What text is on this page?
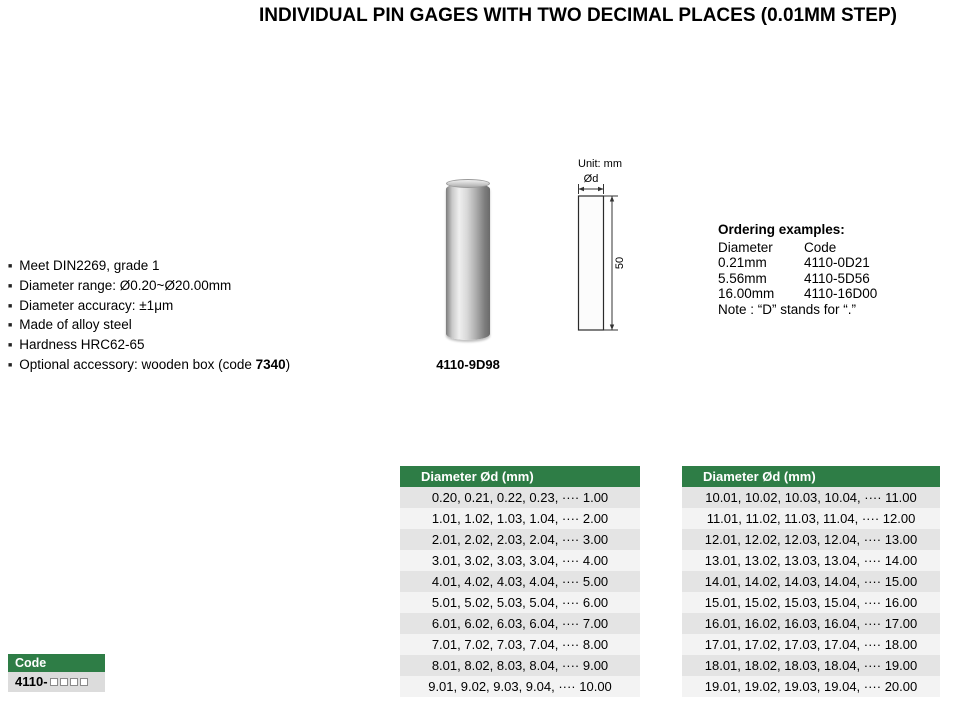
INDIVIDUAL PIN GAGES WITH TWO DECIMAL PLACES (0.01MM STEP)
■ Meet DIN2269, grade 1
■ Diameter range: Ø0.20~Ø20.00mm
■ Diameter accuracy: ±1μm
■ Made of alloy steel
■ Hardness HRC62-65
■ Optional accessory: wooden box (code 7340)	4110-9D98
Unit: mm
Ød
50
Ordering examples:
Diameter	Code
0.21mm	4110-0D21
5.56mm	4110-5D56
16.00mm	4110-16D00
Note : “D” stands for “.”
Diameter Ød (mm)
0.20, 0.21, 0.22, 0.23, ···· 1.00
1.01, 1.02, 1.03, 1.04, ···· 2.00
2.01, 2.02, 2.03, 2.04, ···· 3.00
3.01, 3.02, 3.03, 3.04, ···· 4.00
4.01, 4.02, 4.03, 4.04, ···· 5.00
5.01, 5.02, 5.03, 5.04, ···· 6.00
6.01, 6.02, 6.03, 6.04, ···· 7.00
7.01, 7.02, 7.03, 7.04, ···· 8.00
8.01, 8.02, 8.03, 8.04, ···· 9.00
9.01, 9.02, 9.03, 9.04, ···· 10.00
Diameter Ød (mm)
10.01, 10.02, 10.03, 10.04, ···· 11.00
11.01, 11.02, 11.03, 11.04, ···· 12.00
12.01, 12.02, 12.03, 12.04, ···· 13.00
13.01, 13.02, 13.03, 13.04, ···· 14.00
14.01, 14.02, 14.03, 14.04, ···· 15.00
15.01, 15.02, 15.03, 15.04, ···· 16.00
16.01, 16.02, 16.03, 16.04, ···· 17.00
17.01, 17.02, 17.03, 17.04, ···· 18.00
18.01, 18.02, 18.03, 18.04, ···· 19.00
19.01, 19.02, 19.03, 19.04, ···· 20.00
Code
4110-
